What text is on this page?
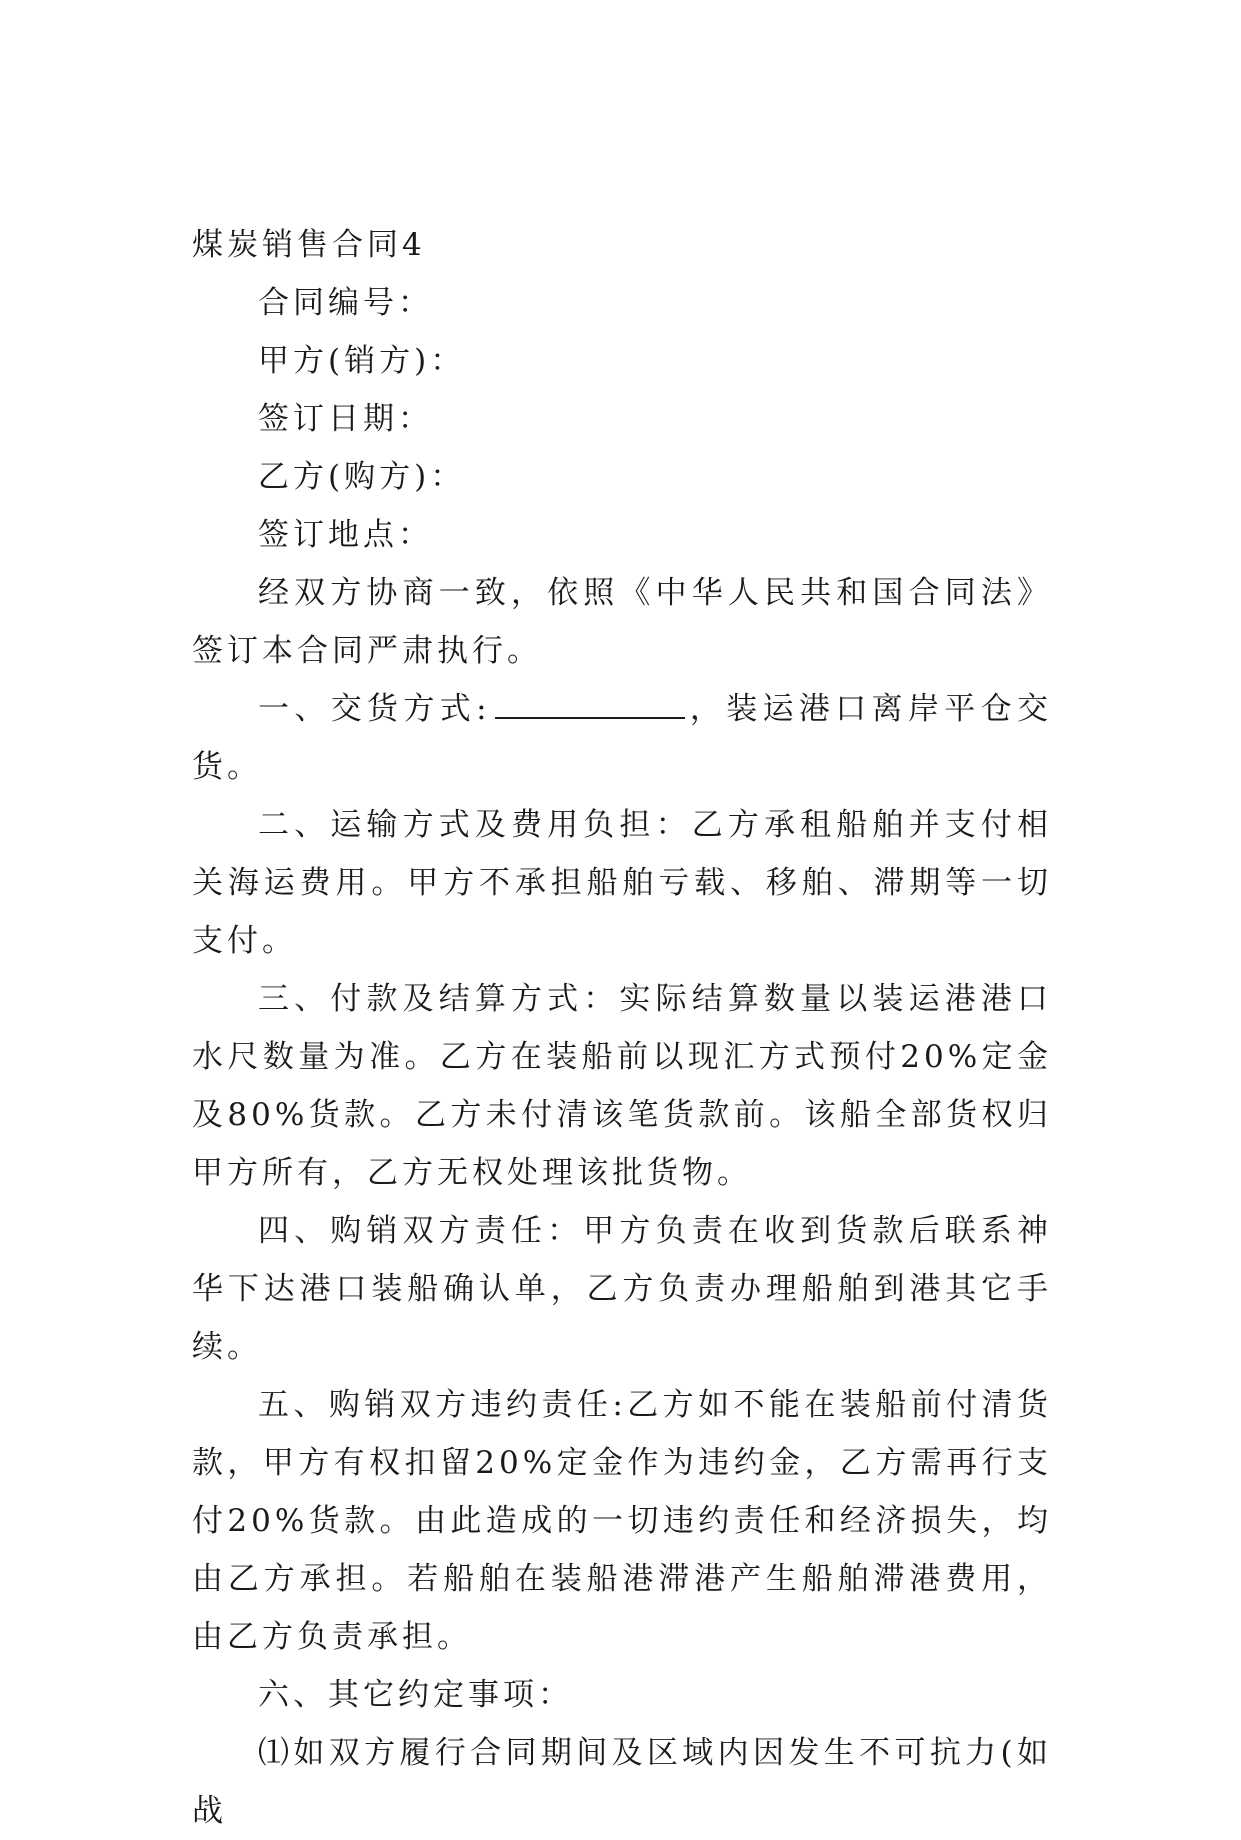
煤炭销售合同4

合同编号：

甲方(销方)：

签订日期：

乙方(购方)：

签订地点：

经双方协商一致，依照《中华人民共和国合同法》签订本合同严肃执行。

一、交货方式:	，装运港口离岸平仓交货。

二、运输方式及费用负担：乙方承租船舶并支付相关海运费用。甲方不承担船舶亏载、移舶、滞期等一切支付。

三、付款及结算方式：实际结算数量以装运港港口水尺数量为准。乙方在装船前以现汇方式预付20%定金及80%货款。乙方未付清该笔货款前。该船全部货权归甲方所有，乙方无权处理该批货物。

四、购销双方责任：甲方负责在收到货款后联系神华下达港口装船确认单，乙方负责办理船舶到港其它手续。

五、购销双方违约责任:乙方如不能在装船前付清货款，甲方有权扣留20%定金作为违约金，乙方需再行支付20%货款。由此造成的一切违约责任和经济损失，均由乙方承担。若船舶在装船港滞港产生船舶滞港费用，由乙方负责承担。

六、其它约定事项：

⑴如双方履行合同期间及区域内因发生不可抗力(如战
